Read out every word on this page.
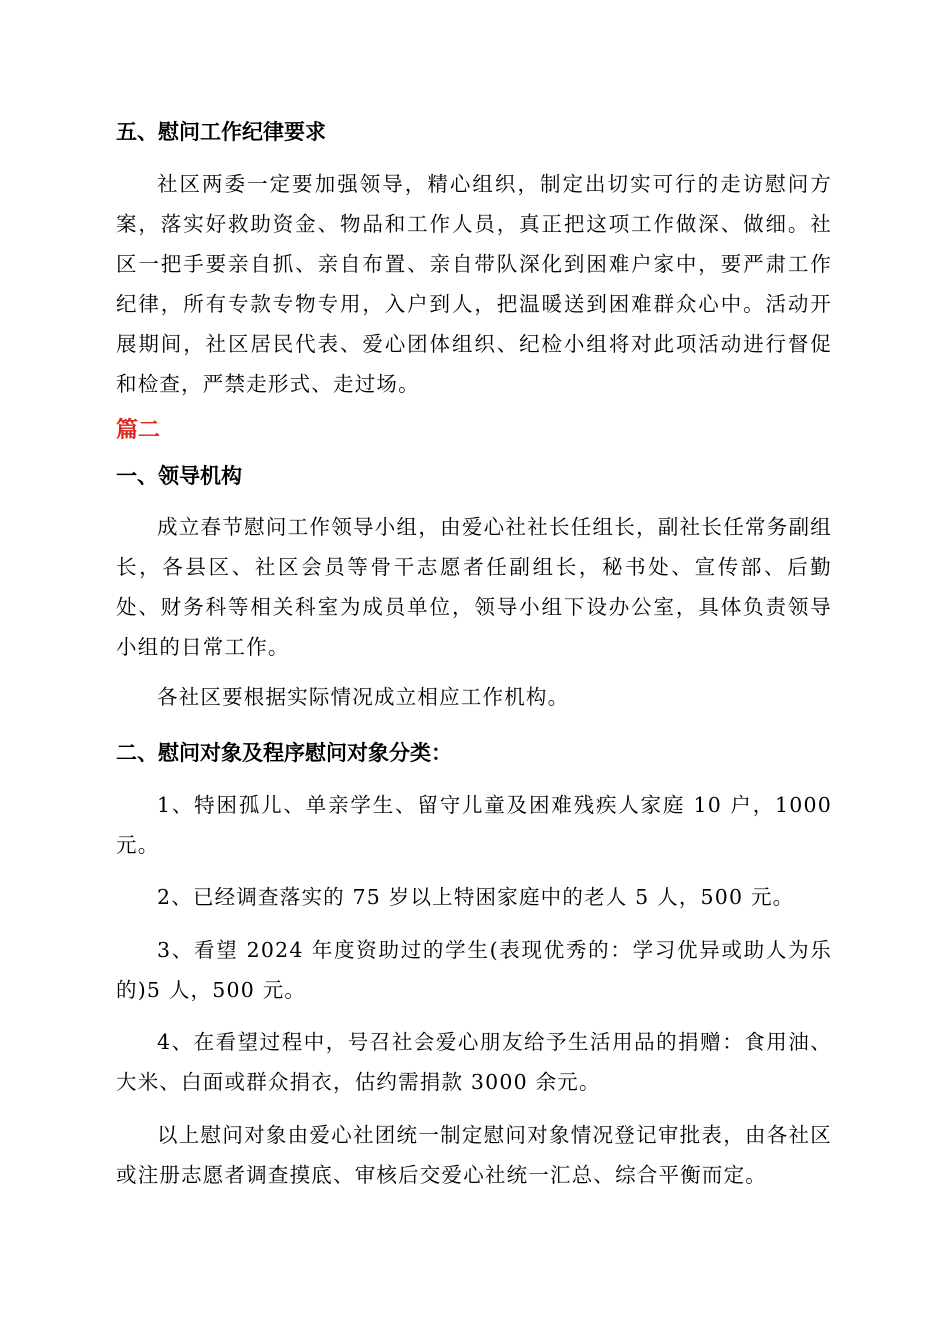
五、慰问工作纪律要求
社区两委一定要加强领导，精心组织，制定出切实可行的走访慰问方案，落实好救助资金、物品和工作人员，真正把这项工作做深、做细。社区一把手要亲自抓、亲自布置、亲自带队深化到困难户家中，要严肃工作纪律，所有专款专物专用，入户到人，把温暖送到困难群众心中。活动开展期间，社区居民代表、爱心团体组织、纪检小组将对此项活动进行督促和检查，严禁走形式、走过场。
篇二
一、领导机构
成立春节慰问工作领导小组，由爱心社社长任组长，副社长任常务副组长，各县区、社区会员等骨干志愿者任副组长，秘书处、宣传部、后勤处、财务科等相关科室为成员单位，领导小组下设办公室，具体负责领导小组的日常工作。
各社区要根据实际情况成立相应工作机构。
二、慰问对象及程序慰问对象分类：
1、特困孤儿、单亲学生、留守儿童及困难残疾人家庭 10 户，1000 元。
2、已经调查落实的 75 岁以上特困家庭中的老人 5 人，500 元。
3、看望 2024 年度资助过的学生(表现优秀的：学习优异或助人为乐的)5 人，500 元。
4、在看望过程中，号召社会爱心朋友给予生活用品的捐赠：食用油、大米、白面或群众捐衣，估约需捐款 3000 余元。
以上慰问对象由爱心社团统一制定慰问对象情况登记审批表，由各社区或注册志愿者调查摸底、审核后交爱心社统一汇总、综合平衡而定。
